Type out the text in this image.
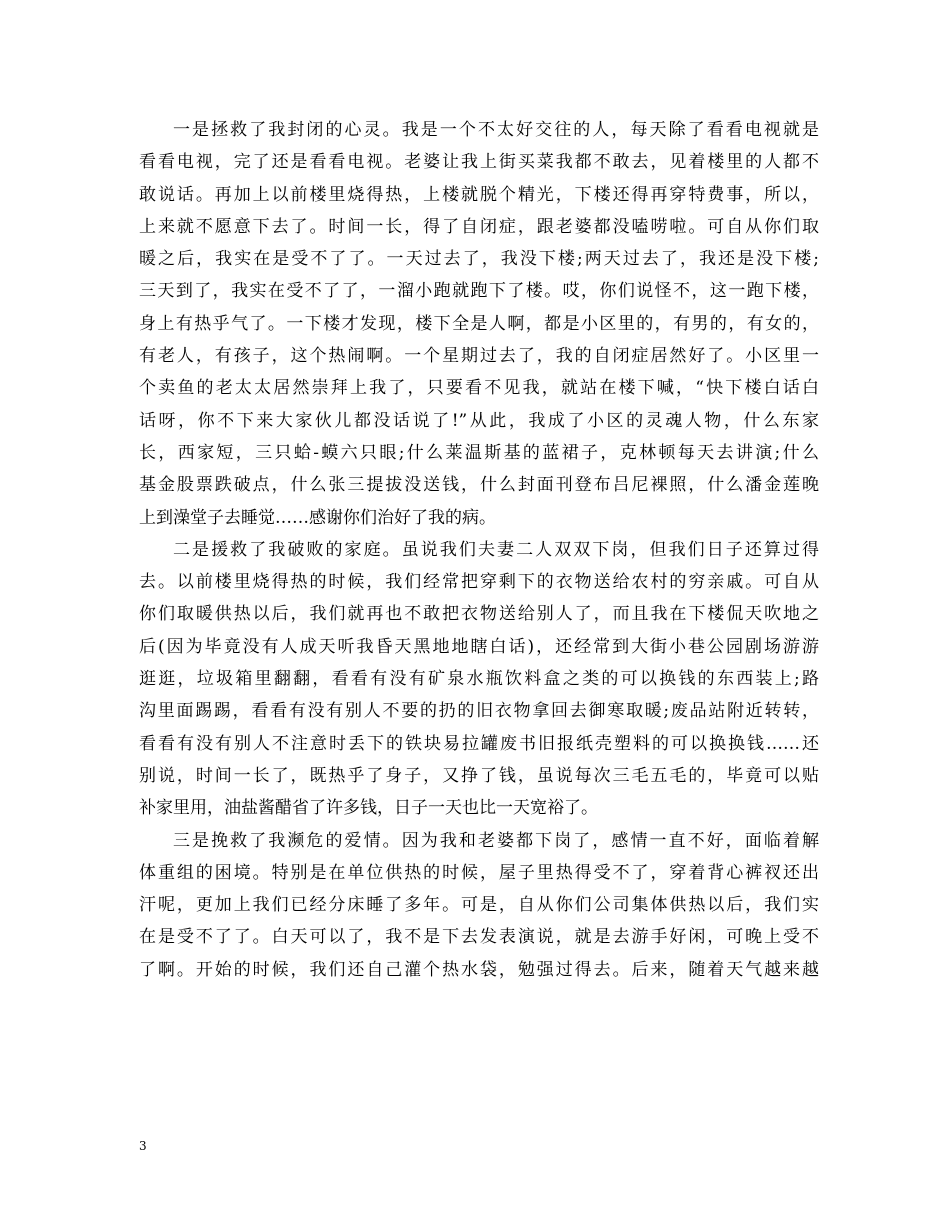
一是拯救了我封闭的心灵。我是一个不太好交往的人，每天除了看看电视就是
看看电视，完了还是看看电视。老婆让我上街买菜我都不敢去，见着楼里的人都不
敢说话。再加上以前楼里烧得热，上楼就脱个精光，下楼还得再穿特费事，所以，
上来就不愿意下去了。时间一长，得了自闭症，跟老婆都没嗑唠啦。可自从你们取
暖之后，我实在是受不了了。一天过去了，我没下楼;两天过去了，我还是没下楼;
三天到了，我实在受不了了，一溜小跑就跑下了楼。哎，你们说怪不，这一跑下楼，
身上有热乎气了。一下楼才发现，楼下全是人啊，都是小区里的，有男的，有女的，
有老人，有孩子，这个热闹啊。一个星期过去了，我的自闭症居然好了。小区里一
个卖鱼的老太太居然崇拜上我了，只要看不见我，就站在楼下喊，“快下楼白话白
话呀，你不下来大家伙儿都没话说了!”从此，我成了小区的灵魂人物，什么东家
长，西家短，三只蛤-蟆六只眼;什么莱温斯基的蓝裙子，克林顿每天去讲演;什么
基金股票跌破点，什么张三提拔没送钱，什么封面刊登布吕尼裸照，什么潘金莲晚
上到澡堂子去睡觉……感谢你们治好了我的病。
二是援救了我破败的家庭。虽说我们夫妻二人双双下岗，但我们日子还算过得
去。以前楼里烧得热的时候，我们经常把穿剩下的衣物送给农村的穷亲戚。可自从
你们取暖供热以后，我们就再也不敢把衣物送给别人了，而且我在下楼侃天吹地之
后(因为毕竟没有人成天听我昏天黑地地瞎白话)，还经常到大街小巷公园剧场游游
逛逛，垃圾箱里翻翻，看看有没有矿泉水瓶饮料盒之类的可以换钱的东西装上;路
沟里面踢踢，看看有没有别人不要的扔的旧衣物拿回去御寒取暖;废品站附近转转，
看看有没有别人不注意时丢下的铁块易拉罐废书旧报纸壳塑料的可以换换钱……还
别说，时间一长了，既热乎了身子，又挣了钱，虽说每次三毛五毛的，毕竟可以贴
补家里用，油盐酱醋省了许多钱，日子一天也比一天宽裕了。
三是挽救了我濒危的爱情。因为我和老婆都下岗了，感情一直不好，面临着解
体重组的困境。特别是在单位供热的时候，屋子里热得受不了，穿着背心裤衩还出
汗呢，更加上我们已经分床睡了多年。可是，自从你们公司集体供热以后，我们实
在是受不了了。白天可以了，我不是下去发表演说，就是去游手好闲，可晚上受不
了啊。开始的时候，我们还自己灌个热水袋，勉强过得去。后来，随着天气越来越
3
